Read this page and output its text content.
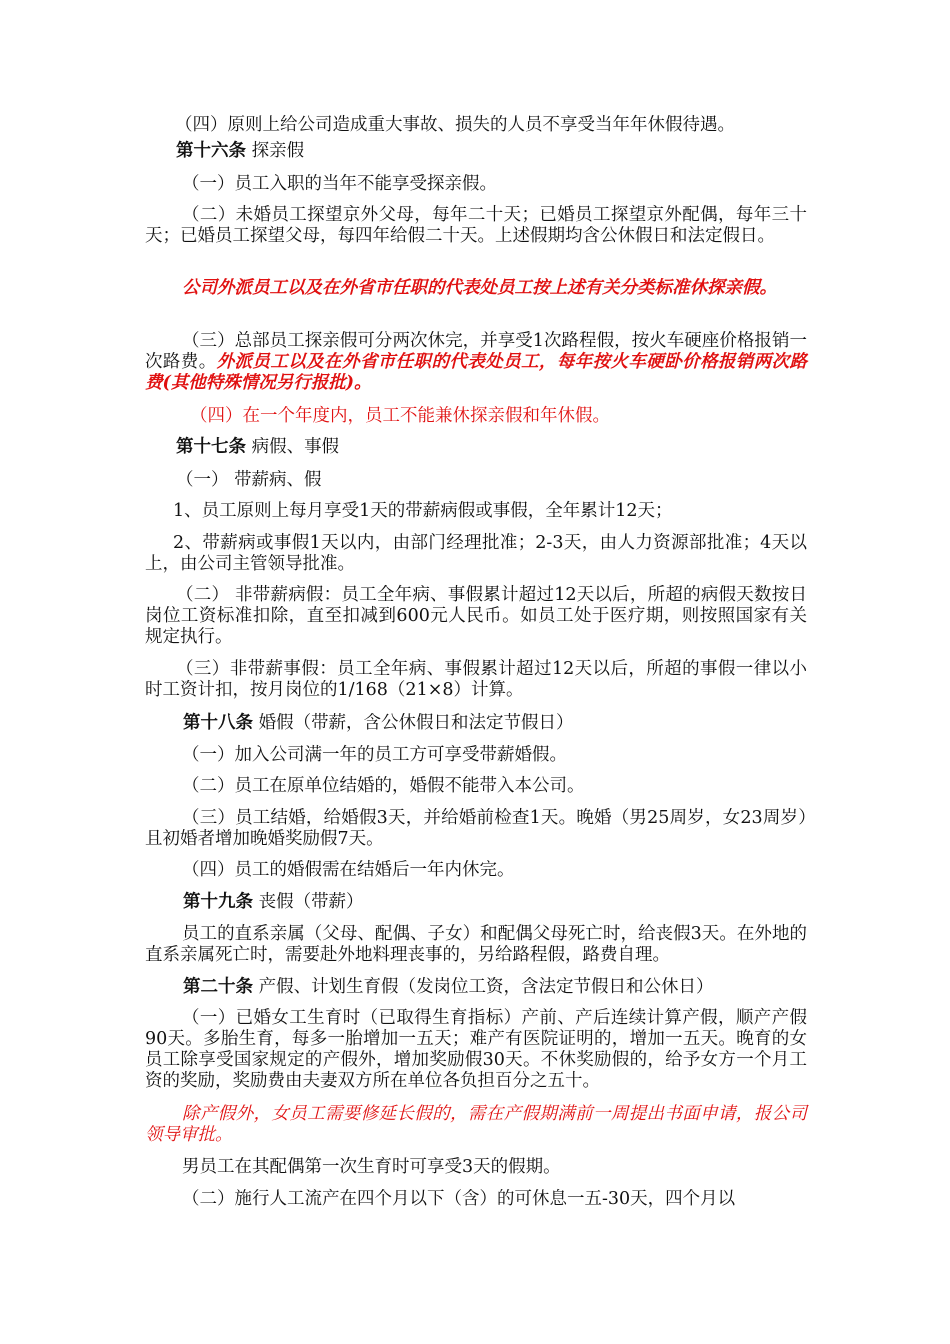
（四）原则上给公司造成重大事故、损失的人员不享受当年年休假待遇。

第十六条 探亲假

（一）员工入职的当年不能享受探亲假。

（二）未婚员工探望京外父母，每年二十天；已婚员工探望京外配偶，每年三十天；已婚员工探望父母，每四年给假二十天。上述假期均含公休假日和法定假日。

公司外派员工以及在外省市任职的代表处员工按上述有关分类标准休探亲假。

（三）总部员工探亲假可分两次休完，并享受1次路程假，按火车硬座价格报销一次路费。外派员工以及在外省市任职的代表处员工，每年按火车硬卧价格报销两次路费(其他特殊情况另行报批)。

（四）在一个年度内，员工不能兼休探亲假和年休假。

第十七条 病假、事假

（一） 带薪病、假

1、员工原则上每月享受1天的带薪病假或事假，全年累计12天；

2、带薪病或事假1天以内，由部门经理批准；2-3天，由人力资源部批准；4天以上，由公司主管领导批准。

（二） 非带薪病假：员工全年病、事假累计超过12天以后，所超的病假天数按日岗位工资标准扣除，直至扣减到600元人民币。如员工处于医疗期，则按照国家有关规定执行。

（三）非带薪事假：员工全年病、事假累计超过12天以后，所超的事假一律以小时工资计扣，按月岗位的1/168（21×8）计算。

第十八条 婚假（带薪，含公休假日和法定节假日）

（一）加入公司满一年的员工方可享受带薪婚假。

（二）员工在原单位结婚的，婚假不能带入本公司。

（三）员工结婚，给婚假3天，并给婚前检查1天。晚婚（男25周岁，女23周岁）且初婚者增加晚婚奖励假7天。

（四）员工的婚假需在结婚后一年内休完。

第十九条 丧假（带薪）

员工的直系亲属（父母、配偶、子女）和配偶父母死亡时，给丧假3天。在外地的直系亲属死亡时，需要赴外地料理丧事的，另给路程假，路费自理。

第二十条 产假、计划生育假（发岗位工资，含法定节假日和公休日）

（一）已婚女工生育时（已取得生育指标）产前、产后连续计算产假，顺产产假90天。多胎生育，每多一胎增加一五天；难产有医院证明的，增加一五天。晚育的女员工除享受国家规定的产假外，增加奖励假30天。不休奖励假的，给予女方一个月工资的奖励，奖励费由夫妻双方所在单位各负担百分之五十。

除产假外，女员工需要修延长假的，需在产假期满前一周提出书面申请，报公司领导审批。

男员工在其配偶第一次生育时可享受3天的假期。

（二）施行人工流产在四个月以下（含）的可休息一五-30天，四个月以
